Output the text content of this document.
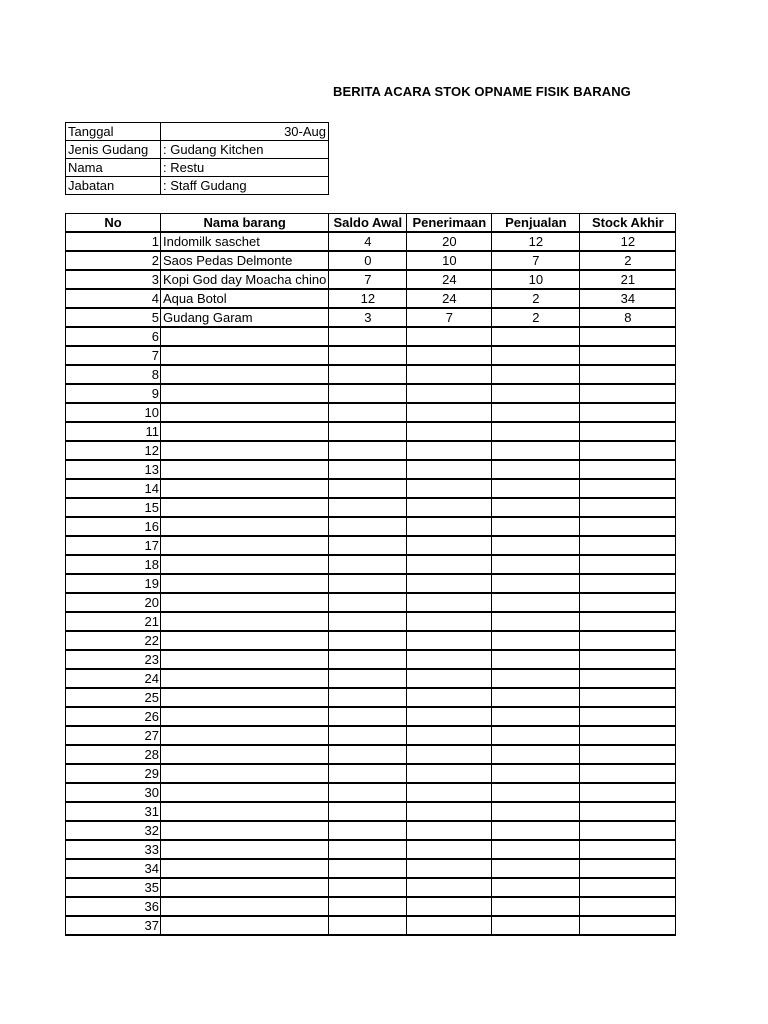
BERITA ACARA STOK OPNAME FISIK BARANG
Tanggal	30-Aug
Jenis Gudang	: Gudang Kitchen
Nama	: Restu
Jabatan	: Staff Gudang
No	Nama barang	Saldo Awal	Penerimaan	Penjualan	Stock Akhir
1	Indomilk saschet	4	20	12	12
2	Saos Pedas Delmonte	0	10	7	2
3	Kopi God day Moacha chino	7	24	10	21
4	Aqua Botol	12	24	2	34
5	Gudang Garam	3	7	2	8
6					
7					
8					
9					
10					
11					
12					
13					
14					
15					
16					
17					
18					
19					
20					
21					
22					
23					
24					
25					
26					
27					
28					
29					
30					
31					
32					
33					
34					
35					
36					
37					
